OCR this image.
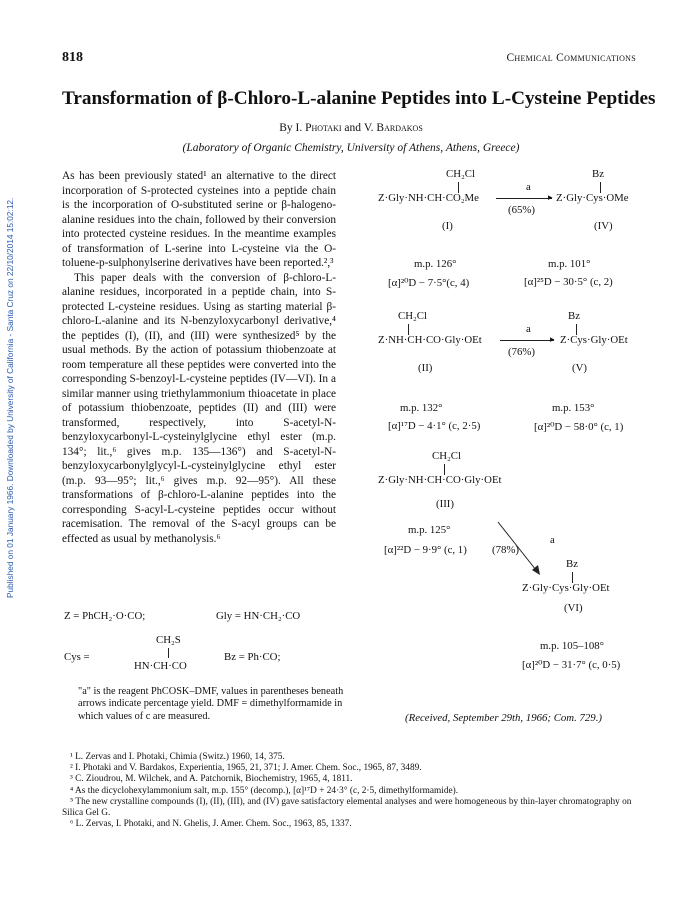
Published on 01 January 1966. Downloaded by University of California - Santa Cruz on 22/10/2014 15:02:12.
818	Chemical Communications
Transformation of β-Chloro-L-alanine Peptides into L-Cysteine Peptides
By I. Photaki and V. Bardakos
(Laboratory of Organic Chemistry, University of Athens, Athens, Greece)

As has been previously stated¹ an alternative to the direct incorporation of S-protected cysteines into a peptide chain is the incorporation of O-substituted serine or β-halogeno-alanine residues into the chain, followed by their conversion into protected cysteine residues. In the meantime examples of transformation of L-serine into L-cysteine via the O-toluene-p-sulphonylserine derivatives have been reported.²,³

This paper deals with the conversion of β-chloro-L-alanine residues, incorporated in a peptide chain, into S-protected L-cysteine residues. Using as starting material β-chloro-L-alanine and its N-benzyloxycarbonyl derivative,⁴ the peptides (I), (II), and (III) were synthesized⁵ by the usual methods. By the action of potassium thiobenzoate at room temperature all these peptides were converted into the corresponding S-benzoyl-L-cysteine peptides (IV—VI). In a similar manner using triethylammonium thioacetate in place of potassium thiobenzoate, peptides (II) and (III) were transformed, respectively, into S-acetyl-N-benzyloxycarbonyl-L-cysteinylglycine ethyl ester (m.p. 134°; lit.,⁶ gives m.p. 135—136°) and S-acetyl-N-benzyloxycarbonylglycyl-L-cysteinylglycine ethyl ester (m.p. 93—95°; lit.,⁶ gives m.p. 92—95°). All these transformations of β-chloro-L-alanine peptides into the corresponding S-acyl-L-cysteine peptides occur without racemisation. The removal of the S-acyl groups can be effected as usual by methanolysis.⁶

Z = PhCH₂·O·CO;	Gly = HN·CH₂·CO
CH₂S
Cys =
HN·CH·CO
Bz = Ph·CO;
"a" is the reagent PhCOSK–DMF, values in parentheses beneath arrows indicate percentage yield. DMF = dimethylformamide in which values of c are measured.
CH₂Cl
Z·Gly·NH·CH·CO₂Me
a
▸
(65%)
Bz
Z·Gly·Cys·OMe
(I)	(IV)
m.p. 126°
[α]²⁰D − 7·5°(c, 4)
m.p. 101°
[α]²⁵D − 30·5° (c, 2)
CH₂Cl
Z·NH·CH·CO·Gly·OEt
a
▸
(76%)
Bz
Z·Cys·Gly·OEt
(II)	(V)
m.p. 132°
[α]¹⁷D − 4·1° (c, 2·5)
m.p. 153°
[α]²⁰D − 58·0° (c, 1)
CH₂Cl
Z·Gly·NH·CH·CO·Gly·OEt
(III)
m.p. 125°
[α]²²D − 9·9° (c, 1) (78%)
a
Bz
Z·Gly·Cys·Gly·OEt
(VI)
m.p. 105–108°
[α]²⁰D − 31·7° (c, 0·5)
(Received, September 29th, 1966; Com. 729.)
¹ L. Zervas and I. Photaki, Chimia (Switz.) 1960, 14, 375.
² I. Photaki and V. Bardakos, Experientia, 1965, 21, 371; J. Amer. Chem. Soc., 1965, 87, 3489.
³ C. Zioudrou, M. Wilchek, and A. Patchornik, Biochemistry, 1965, 4, 1811.
⁴ As the dicyclohexylammonium salt, m.p. 155° (decomp.), [α]¹⁷D + 24·3° (c, 2·5, dimethylformamide).
⁵ The new crystalline compounds (I), (II), (III), and (IV) gave satisfactory elemental analyses and were homogeneous by thin-layer chromatography on Silica Gel G.
⁶ L. Zervas, I. Photaki, and N. Ghelis, J. Amer. Chem. Soc., 1963, 85, 1337.
